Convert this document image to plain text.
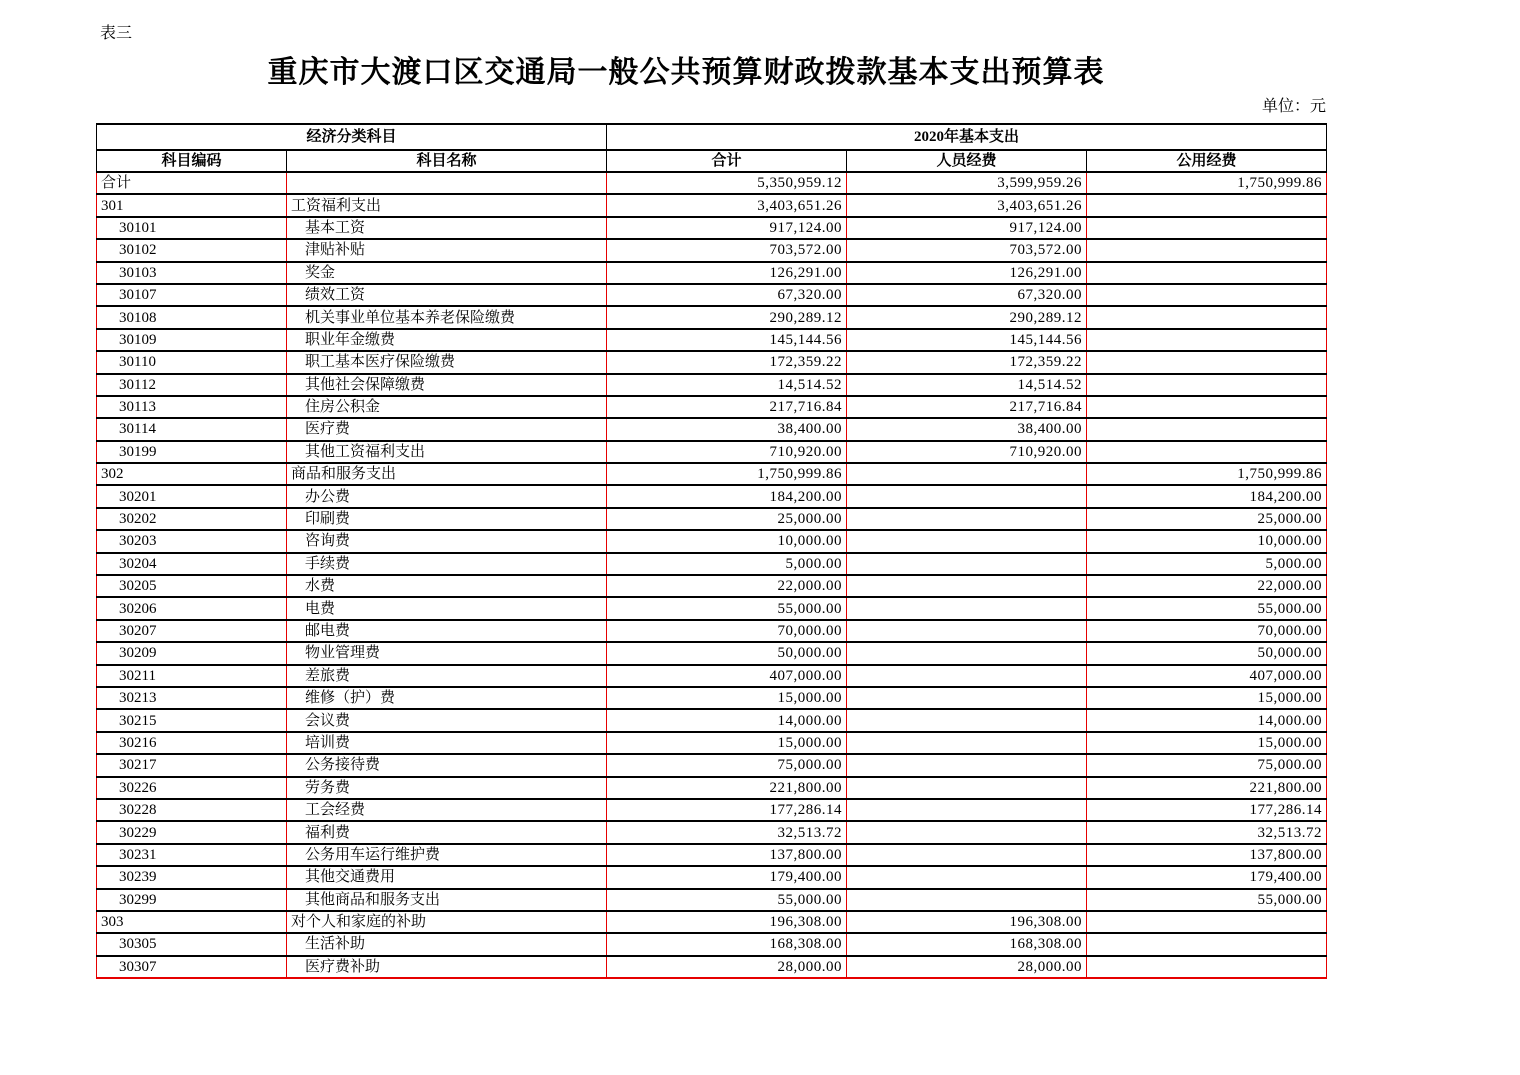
表三
重庆市大渡口区交通局一般公共预算财政拨款基本支出预算表
单位：元
经济分类科目		2020年基本支出		
科目编码	科目名称	合计	人员经费	公用经费
合计		5,350,959.12	3,599,959.26	1,750,999.86
301	工资福利支出	3,403,651.26	3,403,651.26	
30101	基本工资	917,124.00	917,124.00	
30102	津贴补贴	703,572.00	703,572.00	
30103	奖金	126,291.00	126,291.00	
30107	绩效工资	67,320.00	67,320.00	
30108	机关事业单位基本养老保险缴费	290,289.12	290,289.12	
30109	职业年金缴费	145,144.56	145,144.56	
30110	职工基本医疗保险缴费	172,359.22	172,359.22	
30112	其他社会保障缴费	14,514.52	14,514.52	
30113	住房公积金	217,716.84	217,716.84	
30114	医疗费	38,400.00	38,400.00	
30199	其他工资福利支出	710,920.00	710,920.00	
302	商品和服务支出	1,750,999.86		1,750,999.86
30201	办公费	184,200.00		184,200.00
30202	印刷费	25,000.00		25,000.00
30203	咨询费	10,000.00		10,000.00
30204	手续费	5,000.00		5,000.00
30205	水费	22,000.00		22,000.00
30206	电费	55,000.00		55,000.00
30207	邮电费	70,000.00		70,000.00
30209	物业管理费	50,000.00		50,000.00
30211	差旅费	407,000.00		407,000.00
30213	维修（护）费	15,000.00		15,000.00
30215	会议费	14,000.00		14,000.00
30216	培训费	15,000.00		15,000.00
30217	公务接待费	75,000.00		75,000.00
30226	劳务费	221,800.00		221,800.00
30228	工会经费	177,286.14		177,286.14
30229	福利费	32,513.72		32,513.72
30231	公务用车运行维护费	137,800.00		137,800.00
30239	其他交通费用	179,400.00		179,400.00
30299	其他商品和服务支出	55,000.00		55,000.00
303	对个人和家庭的补助	196,308.00	196,308.00	
30305	生活补助	168,308.00	168,308.00	
30307	医疗费补助	28,000.00	28,000.00	
